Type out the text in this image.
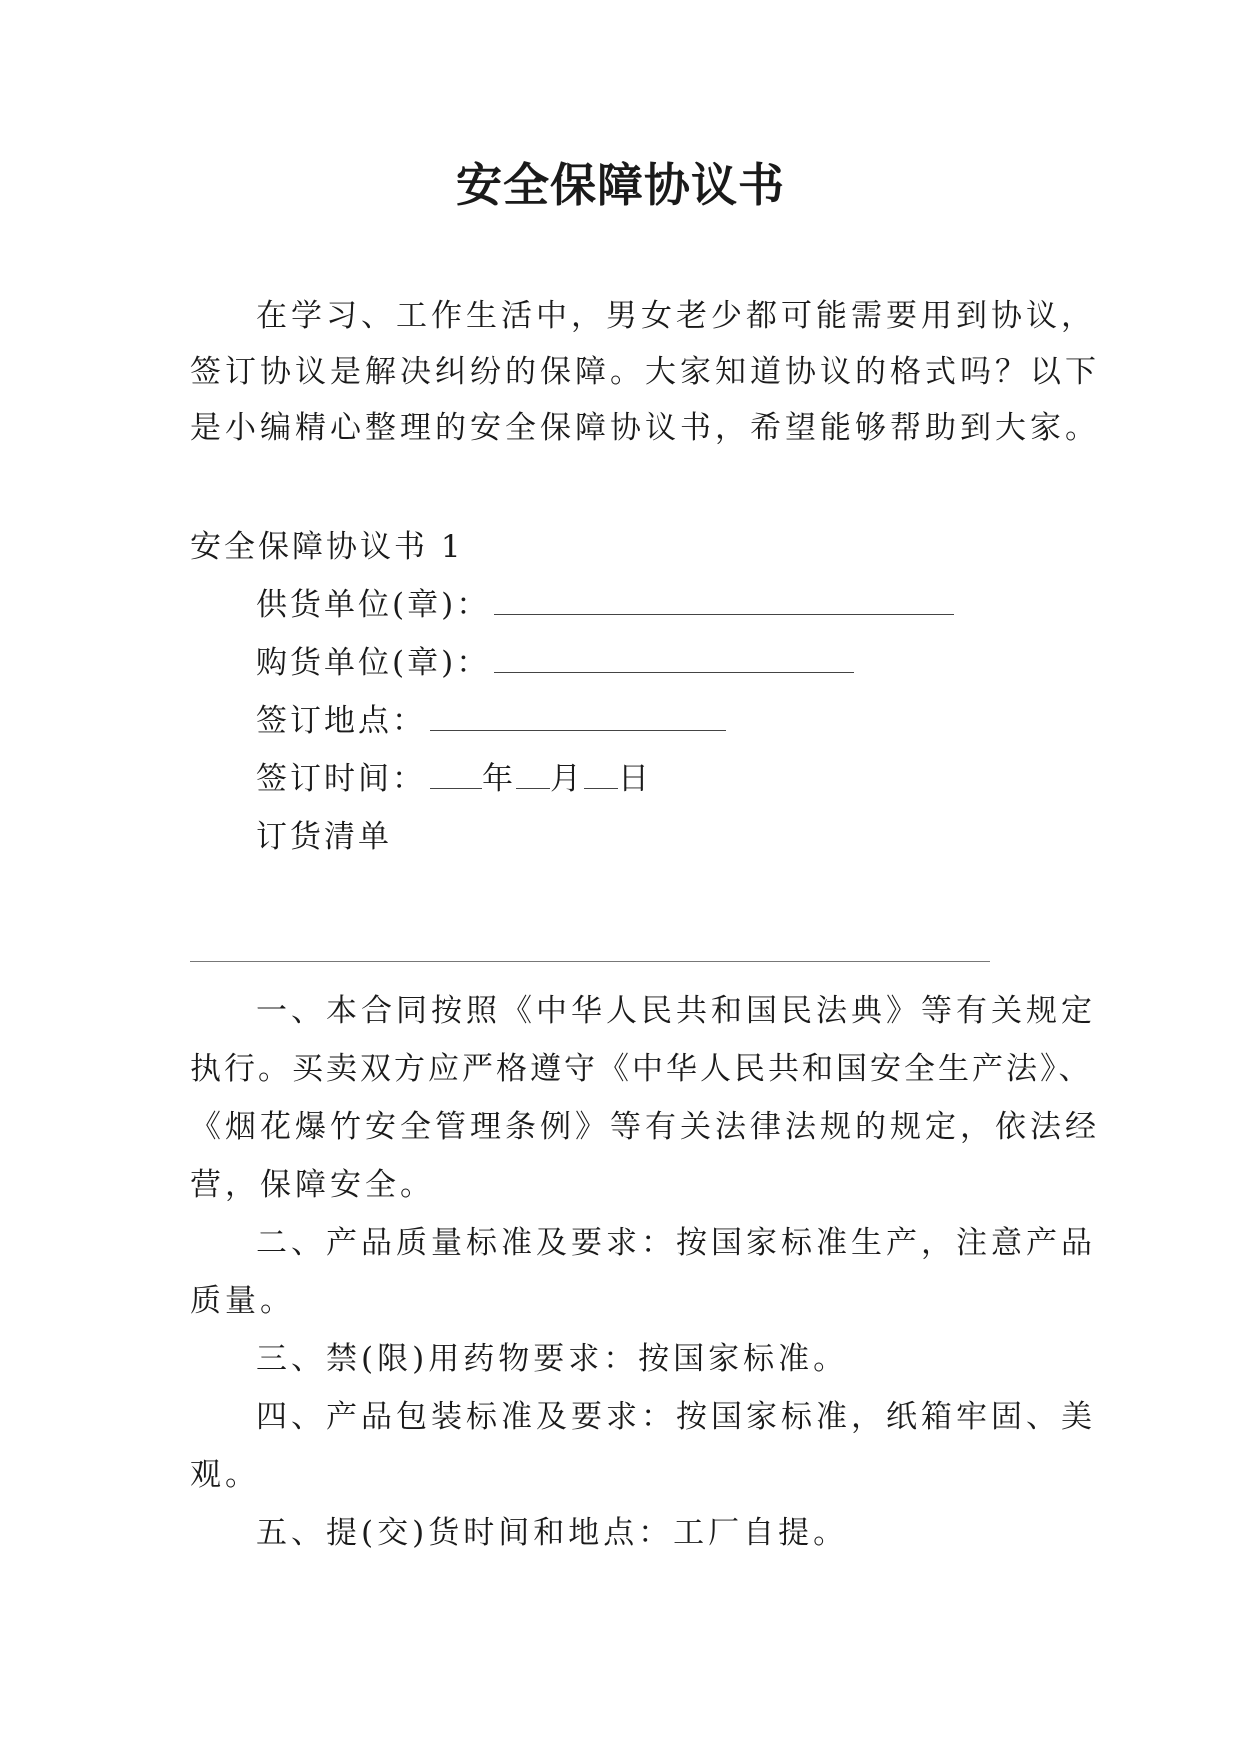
安全保障协议书
在学习、工作生活中，男女老少都可能需要用到协议，
签订协议是解决纠纷的保障。大家知道协议的格式吗？以下
是小编精心整理的安全保障协议书，希望能够帮助到大家。
安全保障协议书 1
供货单位(章)：
购货单位(章)：
签订地点：
签订时间： 年 月 日
订货清单
一、本合同按照《中华人民共和国民法典》等有关规定
执行。买卖双方应严格遵守《中华人民共和国安全生产法》、
《烟花爆竹安全管理条例》等有关法律法规的规定，依法经
营，保障安全。
二、产品质量标准及要求：按国家标准生产，注意产品
质量。
三、禁(限)用药物要求：按国家标准。
四、产品包装标准及要求：按国家标准，纸箱牢固、美
观。
五、提(交)货时间和地点：工厂自提。
